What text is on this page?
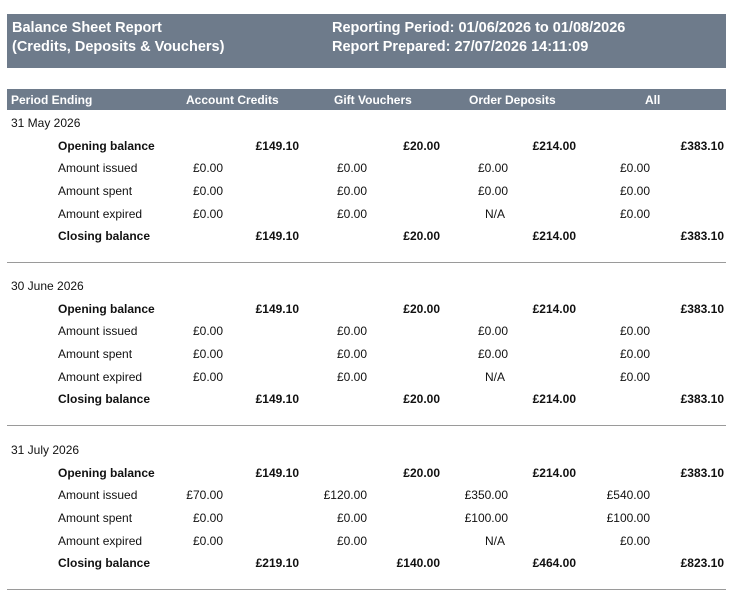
Balance Sheet Report
(Credits, Deposits & Vouchers)
Reporting Period: 01/06/2026 to 01/08/2026
Report Prepared: 27/07/2026 14:11:09
Period Ending	Account Credits	Gift Vouchers	Order Deposits	All
31 May 2026
Opening balance	£149.10	£20.00	£214.00	£383.10
Amount issued	£0.00	£0.00	£0.00	£0.00
Amount spent	£0.00	£0.00	£0.00	£0.00
Amount expired	£0.00	£0.00	N/A	£0.00
Closing balance	£149.10	£20.00	£214.00	£383.10
30 June 2026
Opening balance	£149.10	£20.00	£214.00	£383.10
Amount issued	£0.00	£0.00	£0.00	£0.00
Amount spent	£0.00	£0.00	£0.00	£0.00
Amount expired	£0.00	£0.00	N/A	£0.00
Closing balance	£149.10	£20.00	£214.00	£383.10
31 July 2026
Opening balance	£149.10	£20.00	£214.00	£383.10
Amount issued	£70.00	£120.00	£350.00	£540.00
Amount spent	£0.00	£0.00	£100.00	£100.00
Amount expired	£0.00	£0.00	N/A	£0.00
Closing balance	£219.10	£140.00	£464.00	£823.10
